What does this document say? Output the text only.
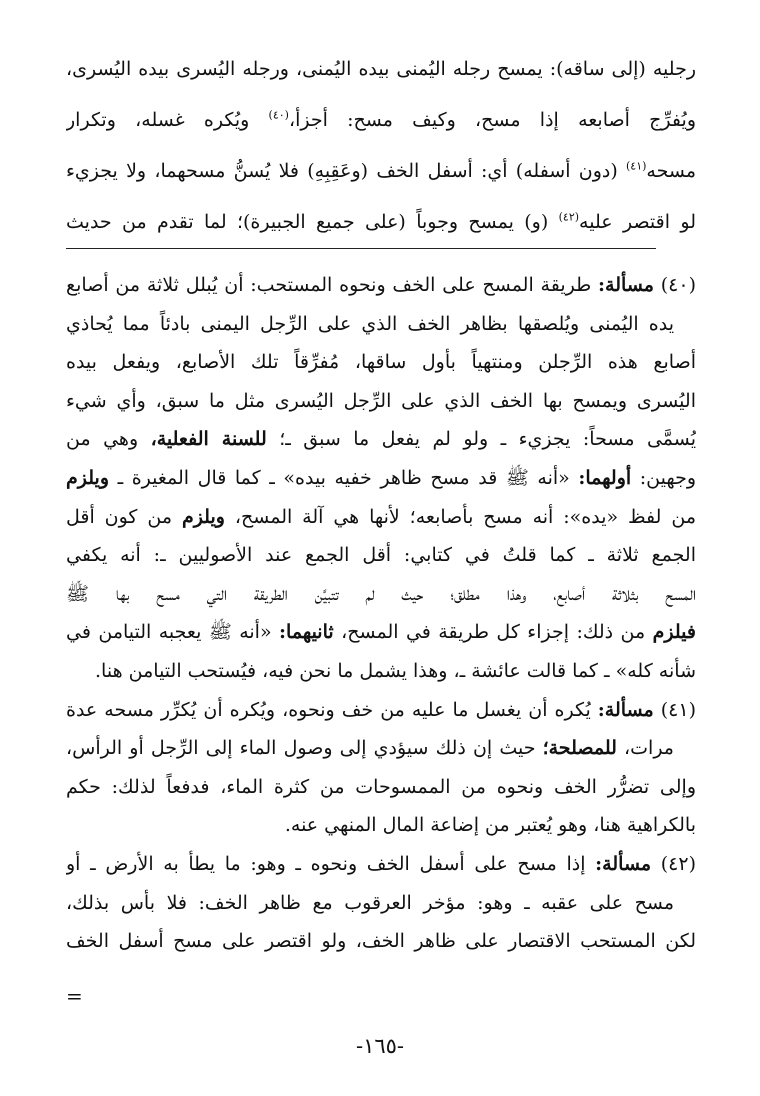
رجليه (إلى ساقه): يمسح رجله اليُمنى بيده اليُمنى، ورجله اليُسرى بيده اليُسرى،
ويُفرِّج أصابعه إذا مسح، وكيف مسح: أجزأ،$^{(٤٠)}$ ويُكره غسله، وتكرار
مسحه$^{(٤١)}$ (دون أسفله) أي: أسفل الخف (وعَقِبِهِ) فلا يُسنُّ مسحهما، ولا يجزيء
لو اقتصر عليه$^{(٤٢)}$ (و) يمسح وجوباً (على جميع الجبيرة)؛ لما تقدم من حديث
(٤٠) مسألة: طريقة المسح على الخف ونحوه المستحب: أن يُبلل ثلاثة من أصابع
يده اليُمنى ويُلصقها بظاهر الخف الذي على الرِّجل اليمنى بادئاً مما يُحاذي
أصابع هذه الرِّجلن ومنتهياً بأول ساقها، مُفرِّقاً تلك الأصابع، ويفعل بيده
اليُسرى ويمسح بها الخف الذي على الرِّجل اليُسرى مثل ما سبق، وأي شيء
يُسمَّى مسحاً: يجزيء ـ ولو لم يفعل ما سبق ـ؛ للسنة الفعلية، وهي من
وجهين: أولهما: «أنه ﷺ قد مسح ظاهر خفيه بيده» ـ كما قال المغيرة ـ ويلزم
من لفظ «يده»: أنه مسح بأصابعه؛ لأنها هي آلة المسح، ويلزم من كون أقل
الجمع ثلاثة ـ كما قلتُ في كتابي: أقل الجمع عند الأصوليين ـ: أنه يكفي
المسح بثلاثة أصابع، وهذا مطلق؛ حيث لم تتبيَّن الطريقة التي مسح بها ﷺ
فيلزم من ذلك: إجزاء كل طريقة في المسح، ثانيهما: «أنه ﷺ يعجبه التيامن في
شأنه كله» ـ كما قالت عائشة ـ، وهذا يشمل ما نحن فيه، فيُستحب التيامن هنا.
(٤١) مسألة: يُكره أن يغسل ما عليه من خف ونحوه، ويُكره أن يُكرِّر مسحه عدة
مرات، للمصلحة؛ حيث إن ذلك سيؤدي إلى وصول الماء إلى الرِّجل أو الرأس،
وإلى تضرُّر الخف ونحوه من الممسوحات من كثرة الماء، فدفعاً لذلك: حكم
بالكراهية هنا، وهو يُعتبر من إضاعة المال المنهي عنه.
(٤٢) مسألة: إذا مسح على أسفل الخف ونحوه ـ وهو: ما يطأ به الأرض ـ أو
مسح على عقبه ـ وهو: مؤخر العرقوب مع ظاهر الخف: فلا بأس بذلك،
لكن المستحب الاقتصار على ظاهر الخف، ولو اقتصر على مسح أسفل الخف
=
-١٦٥-
